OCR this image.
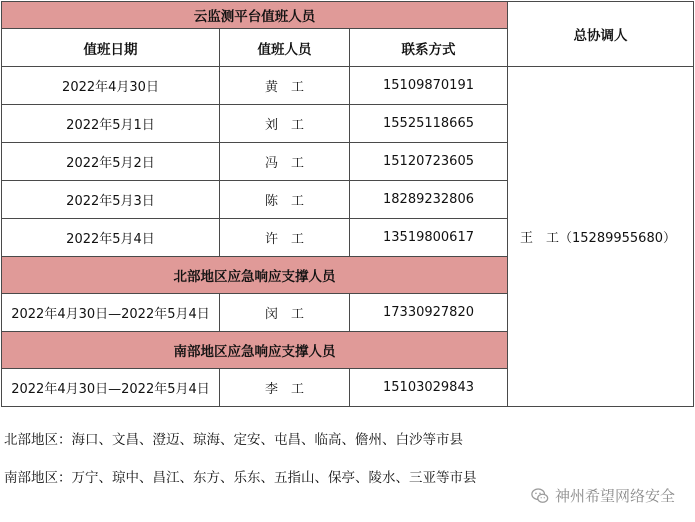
云监测平台值班人员			总协调人
值班日期	值班人员	联系方式	
2022年4月30日	黄　工	15109870191	王　工（15289955680）
2022年5月1日	刘　工	15525118665	
2022年5月2日	冯　工	15120723605	
2022年5月3日	陈　工	18289232806	
2022年5月4日	许　工	13519800617	
北部地区应急响应支撑人员			
2022年4月30日—2022年5月4日	闵　工	17330927820	
南部地区应急响应支撑人员			
2022年4月30日—2022年5月4日	李　工	15103029843	
北部地区：海口、文昌、澄迈、琼海、定安、屯昌、临高、儋州、白沙等市县
南部地区：万宁、琼中、昌江、东方、乐东、五指山、保亭、陵水、三亚等市县
神州希望网络安全
